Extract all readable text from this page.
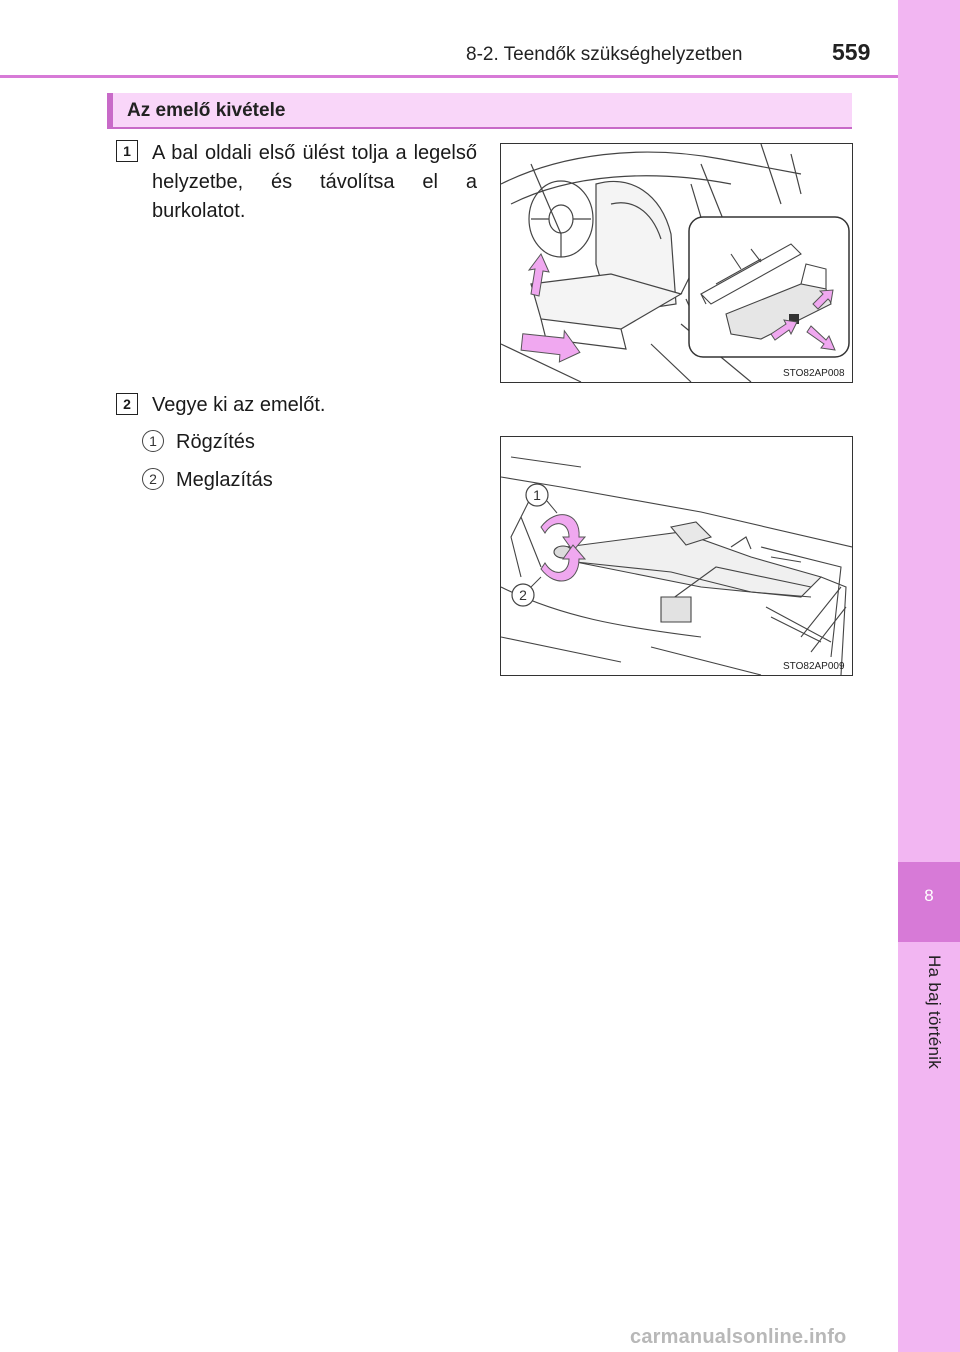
8
Ha baj történik
8-2. Teendők szükséghelyzetben	559
Az emelő kivétele
1	A bal oldali első ülést tolja a legelső helyzetbe, és távolítsa el a burkolatot.
STO82AP008
2	Vegye ki az emelőt.
1 Rögzítés
2 Meglazítás
1
2
STO82AP009
carmanualsonline.info
